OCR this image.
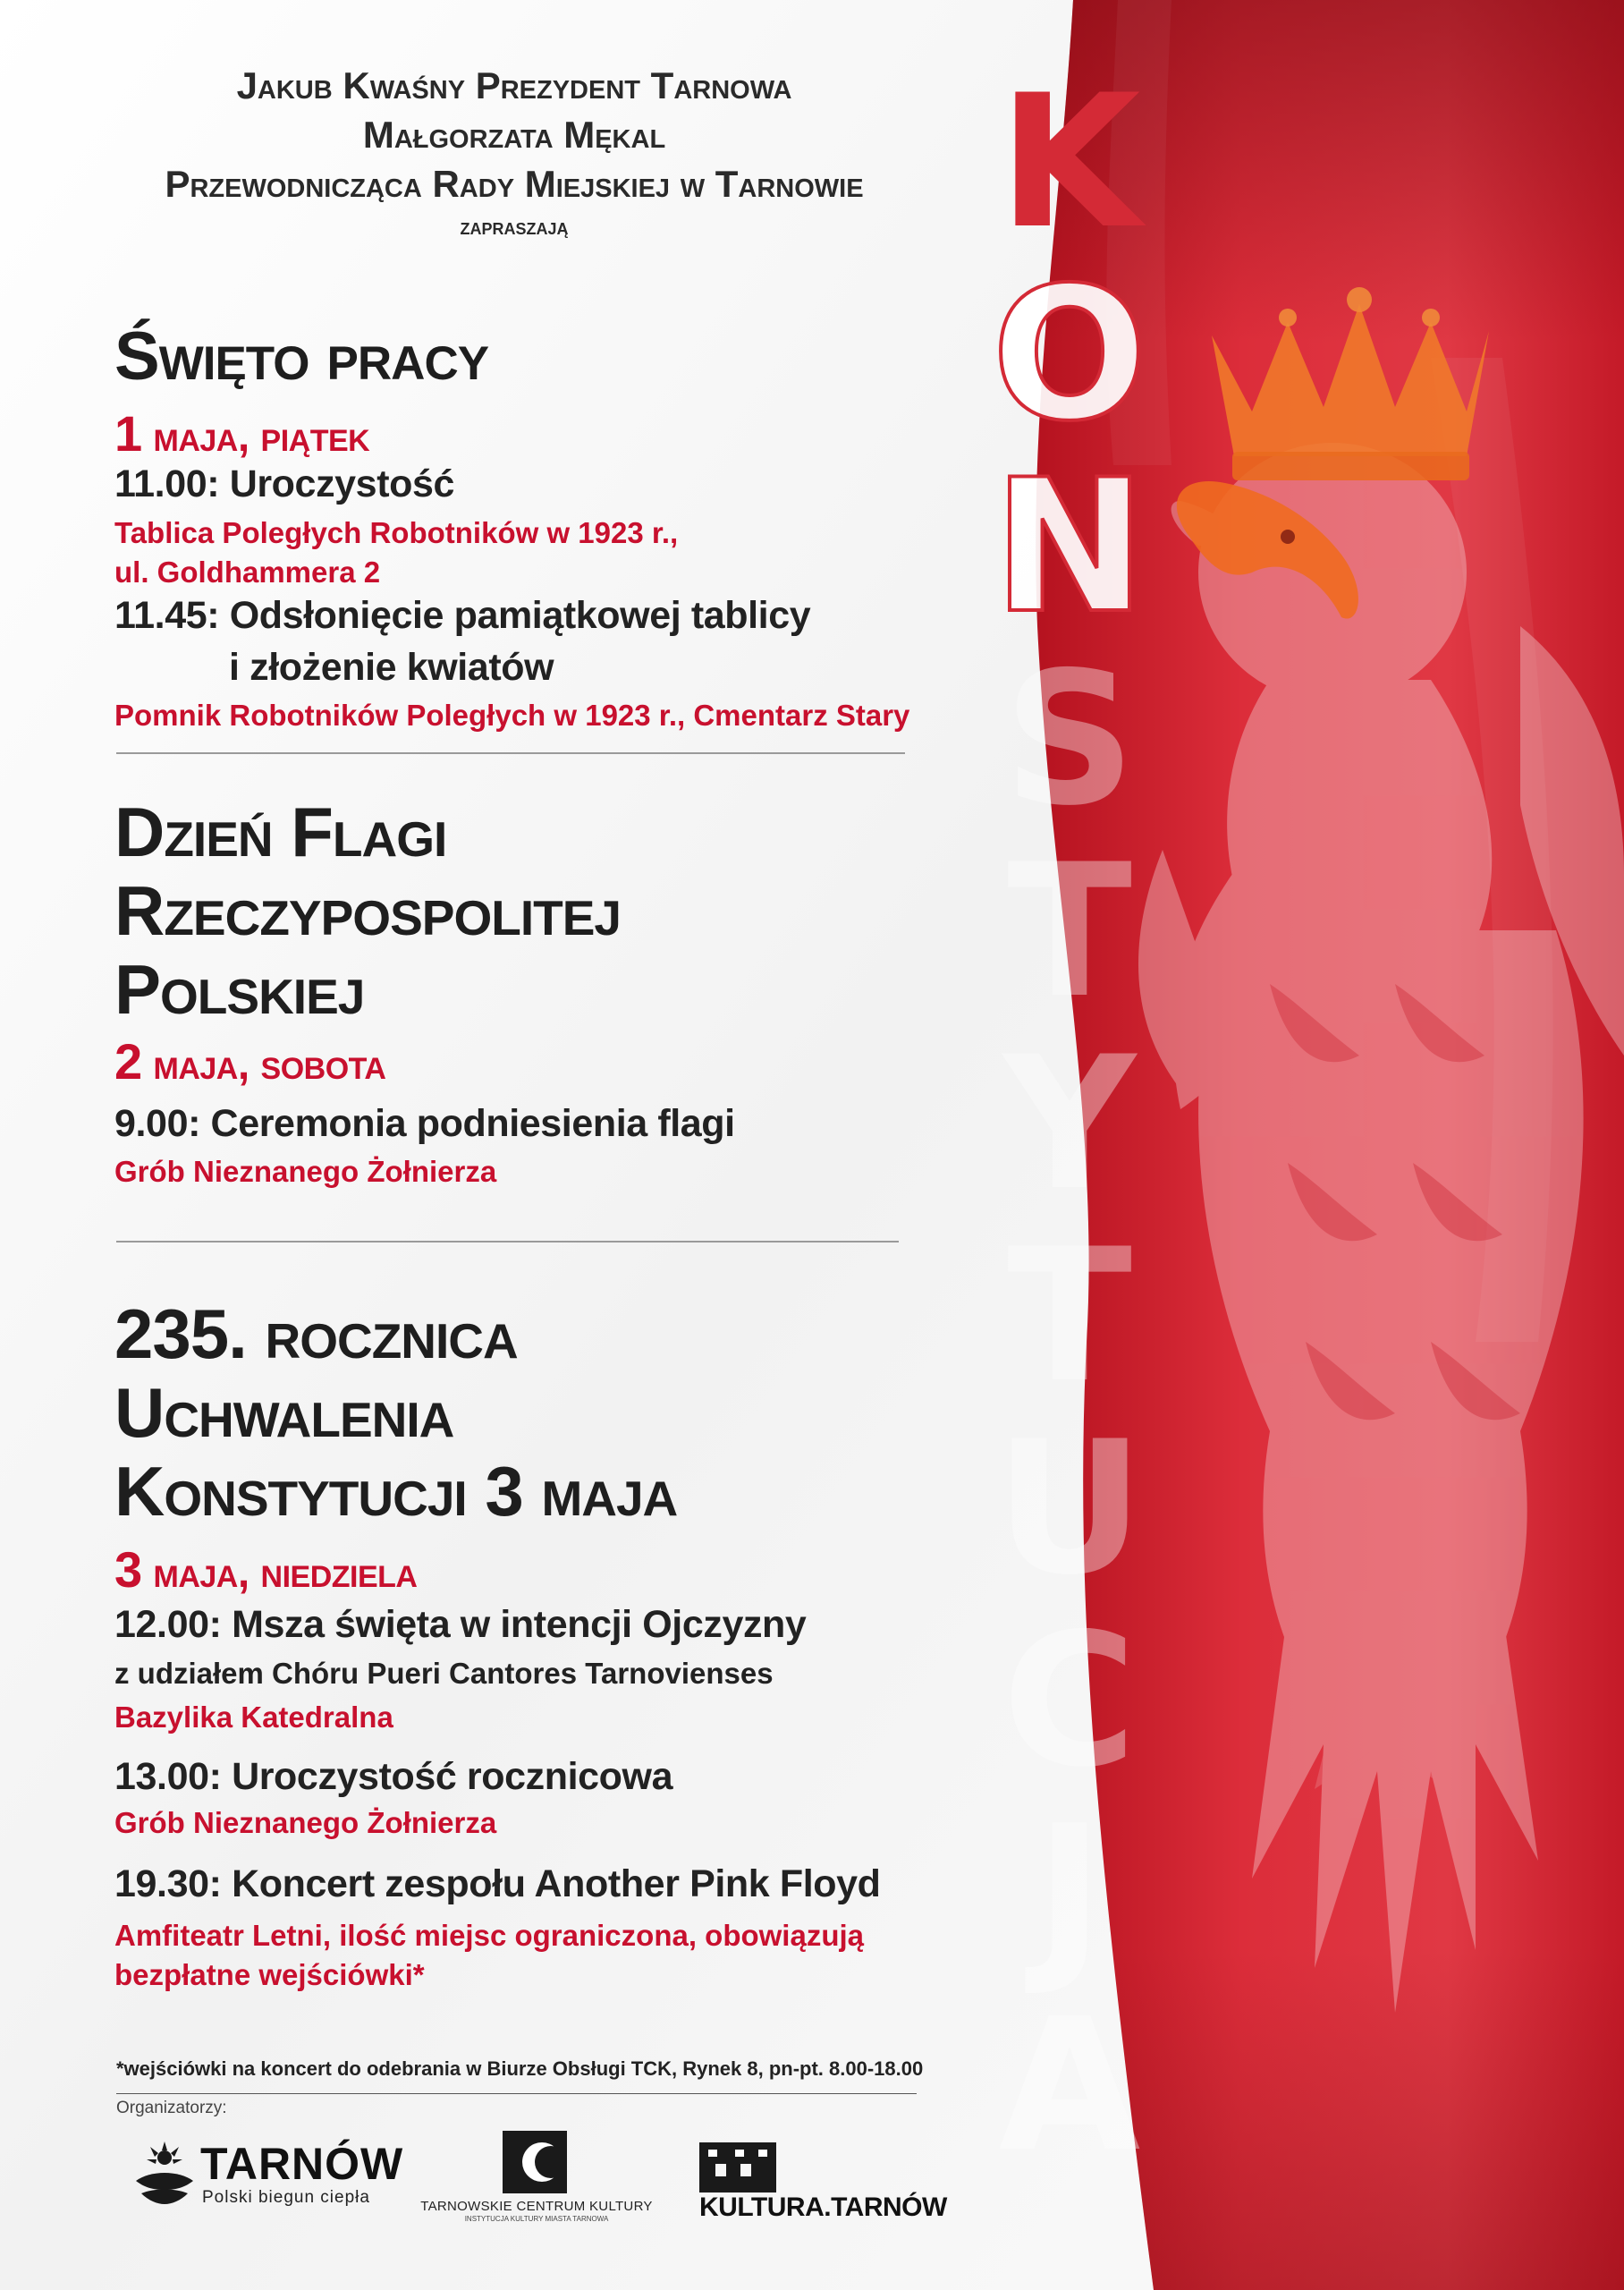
Jakub Kwaśny Prezydent Tarnowa
Małgorzata Mękal
Przewodnicząca Rady Miejskiej w Tarnowie
zapraszają
Święto pracy
1 maja, piątek
11.00: Uroczystość
Tablica Poległych Robotników w 1923 r.,
ul. Goldhammera 2
11.45: Odsłonięcie pamiątkowej tablicy
i złożenie kwiatów
Pomnik Robotników Poległych w 1923 r., Cmentarz Stary
Dzień Flagi
Rzeczypospolitej
Polskiej
2 maja, sobota
9.00: Ceremonia podniesienia flagi
Grób Nieznanego Żołnierza
235. rocznica
Uchwalenia
Konstytucji 3 maja
3 maja, niedziela
12.00: Msza święta w intencji Ojczyzny
z udziałem Chóru Pueri Cantores Tarnovienses
Bazylika Katedralna
13.00: Uroczystość rocznicowa
Grób Nieznanego Żołnierza
19.30: Koncert zespołu Another Pink Floyd
Amfiteatr Letni, ilość miejsc ograniczona, obowiązują
bezpłatne wejściówki*
*wejściówki na koncert do odebrania w Biurze Obsługi TCK, Rynek 8, pn-pt. 8.00-18.00
Organizatorzy:
TARNÓW
Polski biegun ciepła	TARNOWSKIE CENTRUM KULTURY
INSTYTUCJA KULTURY MIASTA TARNOWA	KULTURA.TARNÓW
K
O
N
S
T
Y
T
U
C
J
A
